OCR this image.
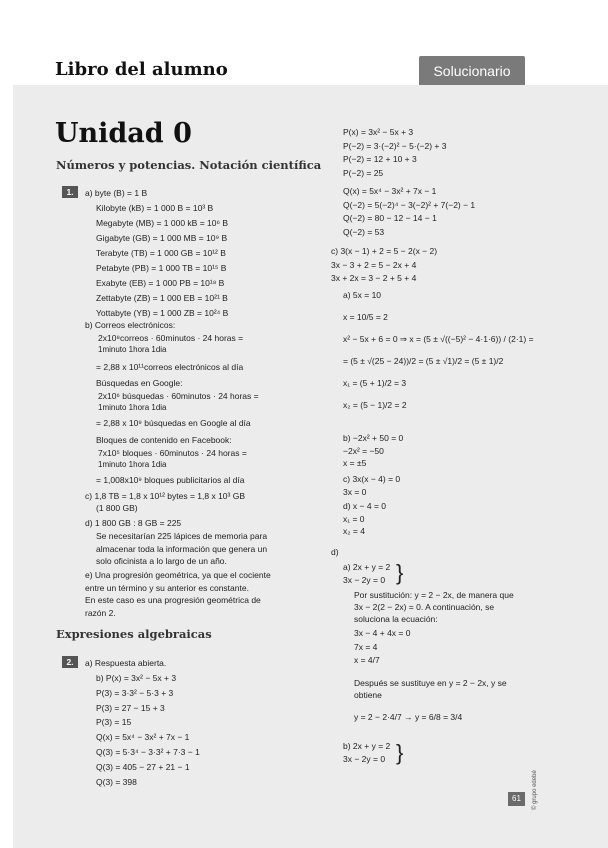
Libro del alumno	Solucionario
Unidad 0
Números y potencias. Notación científica
1.	a) byte (B) = 1 B
Kilobyte (kB) = 1 000 B = 10³ B
Megabyte (MB) = 1 000 kB = 10⁶ B
Gigabyte (GB) = 1 000 MB = 10⁹ B
Terabyte (TB) = 1 000 GB = 10¹² B
Petabyte (PB) = 1 000 TB = 10¹⁵ B
Exabyte (EB) = 1 000 PB = 10¹⁸ B
Zettabyte (ZB) = 1 000 EB = 10²¹ B
Yottabyte (YB) = 1 000 ZB = 10²⁴ B
b) Correos electrónicos:
2x10⁸correos · 60minutos · 24 horas =
1minuto 1hora 1dia
= 2,88 x 10¹¹correos electrónicos al día
Búsquedas en Google:
2x10⁶ búsquedas · 60minutos · 24 horas =
1minuto 1hora 1dia
= 2,88 x 10⁹ búsquedas en Google al día
Bloques de contenido en Facebook:
7x10⁵ bloques · 60minutos · 24 horas =
1minuto 1hora 1dia
= 1,008x10⁹ bloques publicitarios al día
c) 1,8 TB = 1,8 x 10¹² bytes = 1,8 x 10³ GB
(1 800 GB)
d) 1 800 GB : 8 GB = 225
Se necesitarían 225 lápices de memoria para
almacenar toda la información que genera un
solo oficinista a lo largo de un año.
e) Una progresión geométrica, ya que el cociente
entre un término y su anterior es constante.
En este caso es una progresión geométrica de
razón 2.
Expresiones algebraicas
2.	a) Respuesta abierta.
b) P(x) = 3x² − 5x + 3
P(3) = 3·3² − 5·3 + 3
P(3) = 27 − 15 + 3
P(3) = 15
Q(x) = 5x⁴ − 3x² + 7x − 1
Q(3) = 5·3⁴ − 3·3² + 7·3 − 1
Q(3) = 405 − 27 + 21 − 1
Q(3) = 398
P(x) = 3x² − 5x + 3
P(−2) = 3·(−2)² − 5·(−2) + 3
P(−2) = 12 + 10 + 3
P(−2) = 25
Q(x) = 5x⁴ − 3x² + 7x − 1
Q(−2) = 5(−2)⁴ − 3(−2)² + 7(−2) − 1
Q(−2) = 80 − 12 − 14 − 1
Q(−2) = 53
c) 3(x − 1) + 2 = 5 − 2(x − 2)
3x − 3 + 2 = 5 − 2x + 4
3x + 2x = 3 − 2 + 5 + 4
a) 5x = 10
x = 10/5 = 2
x² − 5x + 6 = 0 ⇒ x = (5 ± √((−5)² − 4·1·6)) / (2·1) =
= (5 ± √(25 − 24))/2 = (5 ± √1)/2 = (5 ± 1)/2
x₁ = (5 + 1)/2 = 3
x₂ = (5 − 1)/2 = 2
b) −2x² + 50 = 0
−2x² = −50
x = ±5
c) 3x(x − 4) = 0
3x = 0
d) x − 4 = 0
x₁ = 0
x₂ = 4
d)
a) 2x + y = 2
3x − 2y = 0 }
Por sustitución: y = 2 − 2x, de manera que
3x − 2(2 − 2x) = 0. A continuación, se
soluciona la ecuación:
3x − 4 + 4x = 0
7x = 4
x = 4/7
Después se sustituye en y = 2 − 2x, y se
obtiene
y = 2 − 2·4/7 → y = 6/8 = 3/4
b) 2x + y = 2
3x − 2y = 0 }
61	© grupo edebé
